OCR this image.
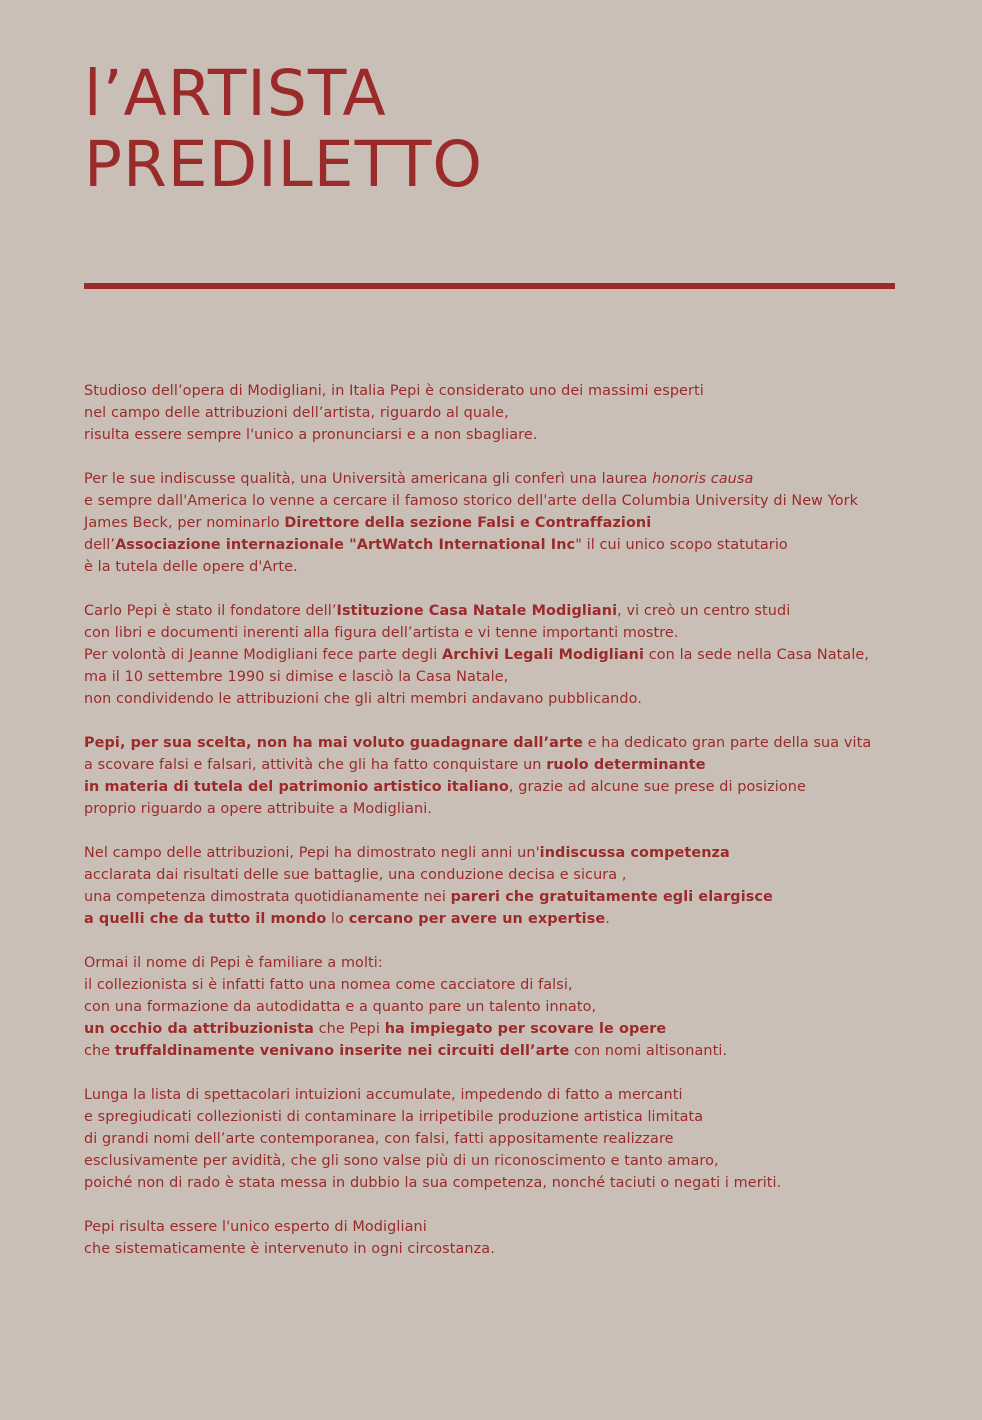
l’ARTISTA
PREDILETTO

Studioso dell’opera di Modigliani, in Italia Pepi è considerato uno dei massimi esperti
nel campo delle attribuzioni dell’artista, riguardo al quale,
risulta essere sempre l'unico a pronunciarsi e a non sbagliare.

Per le sue indiscusse qualità, una Università americana gli conferì una laurea honoris causa
e sempre dall'America lo venne a cercare il famoso storico dell'arte della Columbia University di New York
James Beck, per nominarlo Direttore della sezione Falsi e Contraffazioni
dell’Associazione internazionale "ArtWatch International Inc" il cui unico scopo statutario
è la tutela delle opere d'Arte.

Carlo Pepi è stato il fondatore dell’Istituzione Casa Natale Modigliani, vi creò un centro studi
con libri e documenti inerenti alla figura dell’artista e vi tenne importanti mostre.
Per volontà di Jeanne Modigliani fece parte degli Archivi Legali Modigliani con la sede nella Casa Natale,
ma il 10 settembre 1990 si dimise e lasciò la Casa Natale,
non condividendo le attribuzioni che gli altri membri andavano pubblicando.

Pepi, per sua scelta, non ha mai voluto guadagnare dall’arte e ha dedicato gran parte della sua vita
a scovare falsi e falsari, attività che gli ha fatto conquistare un ruolo determinante
in materia di tutela del patrimonio artistico italiano, grazie ad alcune sue prese di posizione
proprio riguardo a opere attribuite a Modigliani.

Nel campo delle attribuzioni, Pepi ha dimostrato negli anni un'indiscussa competenza
acclarata dai risultati delle sue battaglie, una conduzione decisa e sicura ,
una competenza dimostrata quotidianamente nei pareri che gratuitamente egli elargisce
a quelli che da tutto il mondo lo cercano per avere un expertise.

Ormai il nome di Pepi è familiare a molti:
il collezionista si è infatti fatto una nomea come cacciatore di falsi,
con una formazione da autodidatta e a quanto pare un talento innato,
un occhio da attribuzionista che Pepi ha impiegato per scovare le opere
che truffaldinamente venivano inserite nei circuiti dell’arte con nomi altisonanti.

Lunga la lista di spettacolari intuizioni accumulate, impedendo di fatto a mercanti
e spregiudicati collezionisti di contaminare la irripetibile produzione artistica limitata
di grandi nomi dell’arte contemporanea, con falsi, fatti appositamente realizzare
esclusivamente per avidità, che gli sono valse più di un riconoscimento e tanto amaro,
poiché non di rado è stata messa in dubbio la sua competenza, nonché taciuti o negati i meriti.

Pepi risulta essere l'unico esperto di Modigliani
che sistematicamente è intervenuto in ogni circostanza.
